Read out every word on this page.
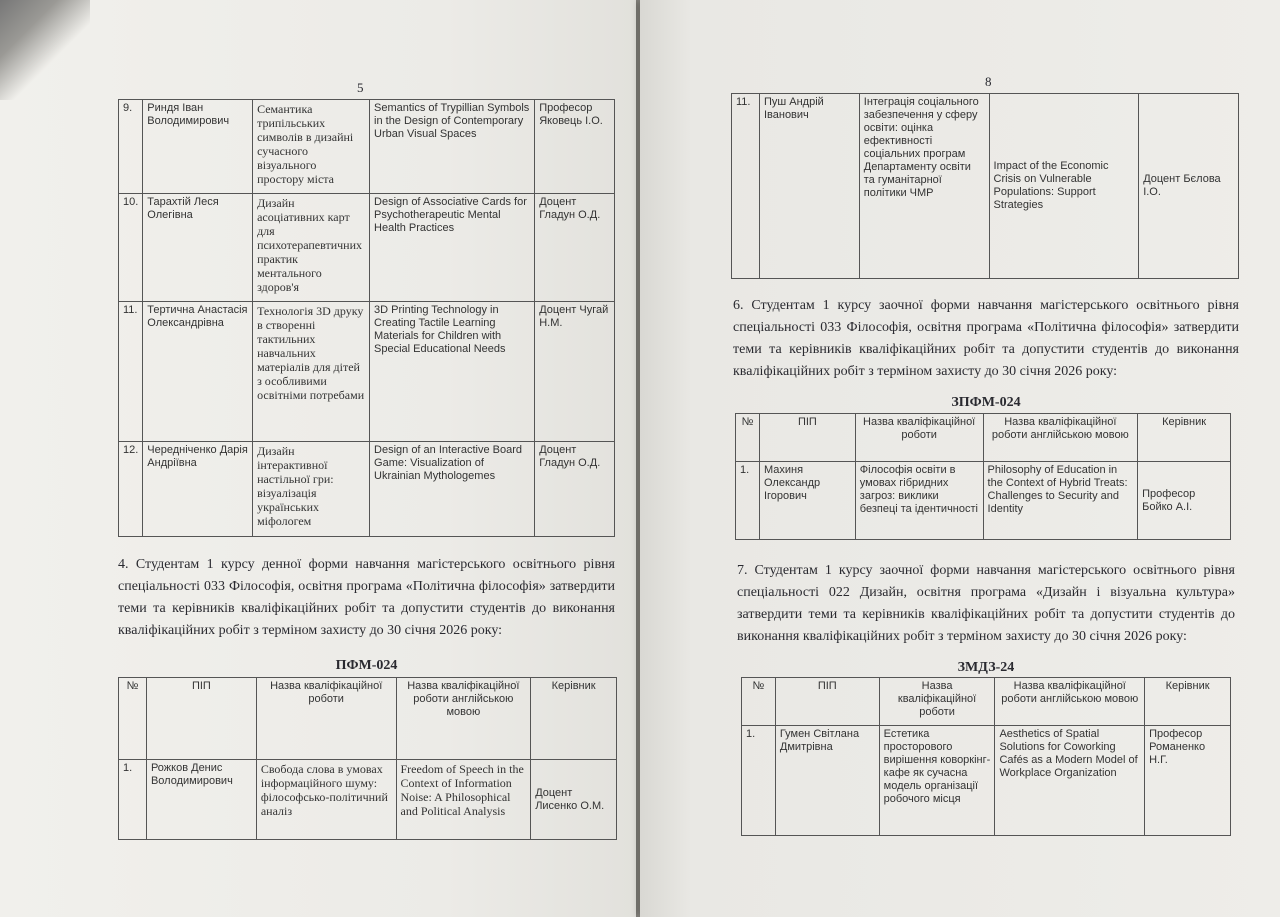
5
9.	Риндя Іван Володимирович	Семантика трипільських символів в дизайні сучасного візуального простору міста	Semantics of Trypillian Symbols in the Design of Contemporary Urban Visual Spaces	Професор Яковець І.О.
10.	Тарахтій Леся Олегівна	Дизайн асоціативних карт для психотерапевтичних практик ментального здоров'я	Design of Associative Cards for Psychotherapeutic Mental Health Practices	Доцент Гладун О.Д.
11.	Тертична Анастасія Олександрівна	Технологія 3D друку в створенні тактильних навчальних матеріалів для дітей з особливими освітніми потребами	3D Printing Technology in Creating Tactile Learning Materials for Children with Special Educational Needs	Доцент Чугай Н.М.
12.	Чередніченко Дарія Андріївна	Дизайн інтерактивної настільної гри: візуалізація українських міфологем	Design of an Interactive Board Game: Visualization of Ukrainian Mythologemes	Доцент Гладун О.Д.
4. Студентам 1 курсу денної форми навчання магістерського освітнього рівня спеціальності 033 Філософія, освітня програма «Політична філософія» затвердити теми та керівників кваліфікаційних робіт та допустити студентів до виконання кваліфікаційних робіт з терміном захисту до 30 січня 2026 року:
ПФМ-024
№	ПІП	Назва кваліфікаційної роботи	Назва кваліфікаційної роботи англійською мовою	Керівник
1.	Рожков Денис Володимирович	Свобода слова в умовах інформаційного шуму: філософсько-політичний аналіз	Freedom of Speech in the Context of Information Noise: A Philosophical and Political Analysis	Доцент Лисенко О.М.
8
11.	Пуш Андрій Іванович	Інтеграція соціального забезпечення у сферу освіти: оцінка ефективності соціальних програм Департаменту освіти та гуманітарної політики ЧМР	Impact of the Economic Crisis on Vulnerable Populations: Support Strategies	Доцент Бєлова І.О.
6. Студентам 1 курсу заочної форми навчання магістерського освітнього рівня спеціальності 033 Філософія, освітня програма «Політична філософія» затвердити теми та керівників кваліфікаційних робіт та допустити студентів до виконання кваліфікаційних робіт з терміном захисту до 30 січня 2026 року:
ЗПФМ-024
№	ПІП	Назва кваліфікаційної роботи	Назва кваліфікаційної роботи англійською мовою	Керівник
1.	Махиня Олександр Ігорович	Філософія освіти в умовах гібридних загроз: виклики безпеці та ідентичності	Philosophy of Education in the Context of Hybrid Treats: Challenges to Security and Identity	Професор Бойко А.І.
7. Студентам 1 курсу заочної форми навчання магістерського освітнього рівня спеціальності 022 Дизайн, освітня програма «Дизайн і візуальна культура» затвердити теми та керівників кваліфікаційних робіт та допустити студентів до виконання кваліфікаційних робіт з терміном захисту до 30 січня 2026 року:
ЗМДЗ-24
№	ПІП	Назва кваліфікаційної роботи	Назва кваліфікаційної роботи англійською мовою	Керівник
1.	Гумен Світлана Дмитрівна	Естетика просторового вирішення коворкінг-кафе як сучасна модель організації робочого місця	Aesthetics of Spatial Solutions for Coworking Cafés as a Modern Model of Workplace Organization	Професор Романенко Н.Г.
